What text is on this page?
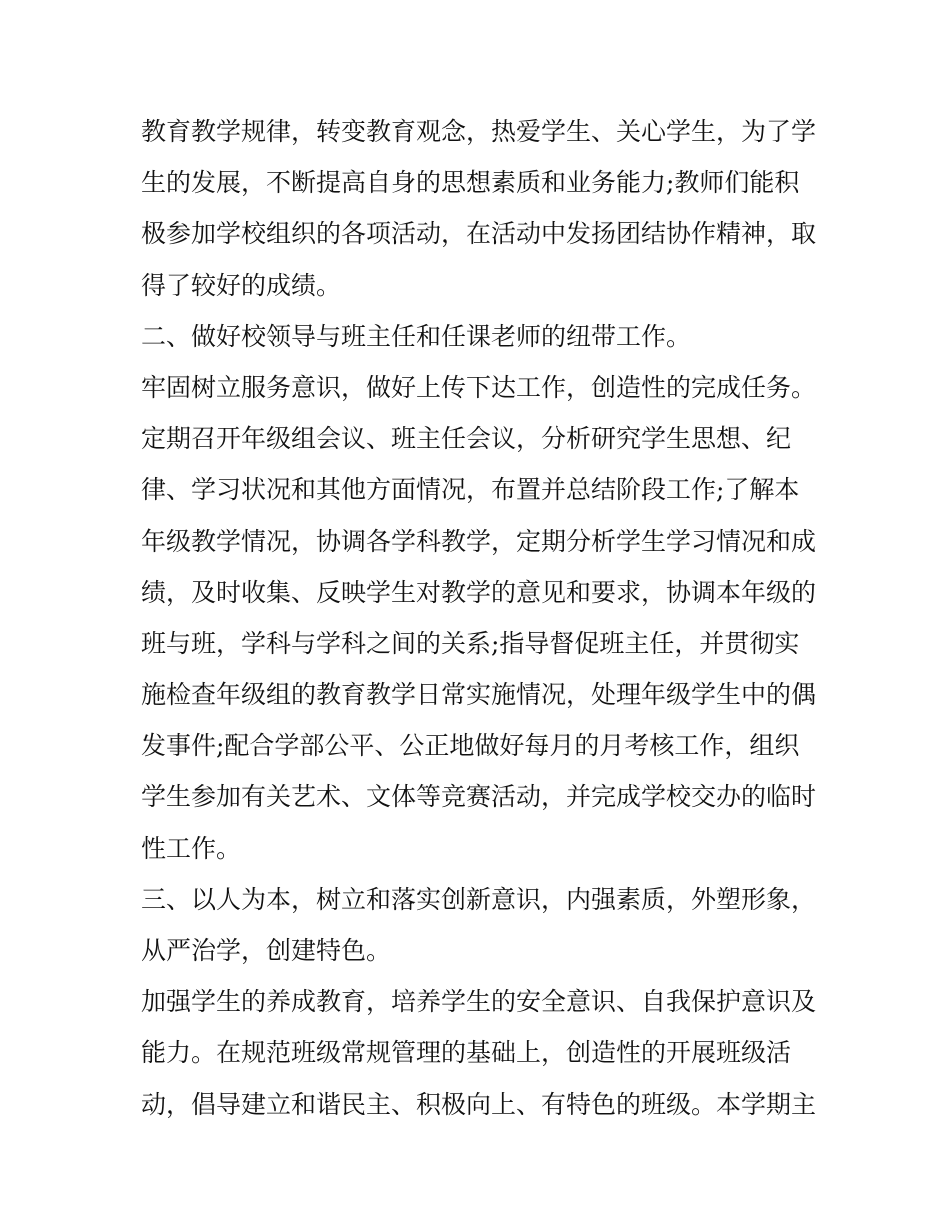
教育教学规律，转变教育观念，热爱学生、关心学生，为了学
生的发展，不断提高自身的思想素质和业务能力;教师们能积
极参加学校组织的各项活动，在活动中发扬团结协作精神，取
得了较好的成绩。
二、做好校领导与班主任和任课老师的纽带工作。
牢固树立服务意识，做好上传下达工作，创造性的完成任务。
定期召开年级组会议、班主任会议，分析研究学生思想、纪
律、学习状况和其他方面情况，布置并总结阶段工作;了解本
年级教学情况，协调各学科教学，定期分析学生学习情况和成
绩，及时收集、反映学生对教学的意见和要求，协调本年级的
班与班，学科与学科之间的关系;指导督促班主任，并贯彻实
施检查年级组的教育教学日常实施情况，处理年级学生中的偶
发事件;配合学部公平、公正地做好每月的月考核工作，组织
学生参加有关艺术、文体等竞赛活动，并完成学校交办的临时
性工作。
三、以人为本，树立和落实创新意识，内强素质，外塑形象，
从严治学，创建特色。
加强学生的养成教育，培养学生的安全意识、自我保护意识及
能力。在规范班级常规管理的基础上，创造性的开展班级活
动，倡导建立和谐民主、积极向上、有特色的班级。本学期主
